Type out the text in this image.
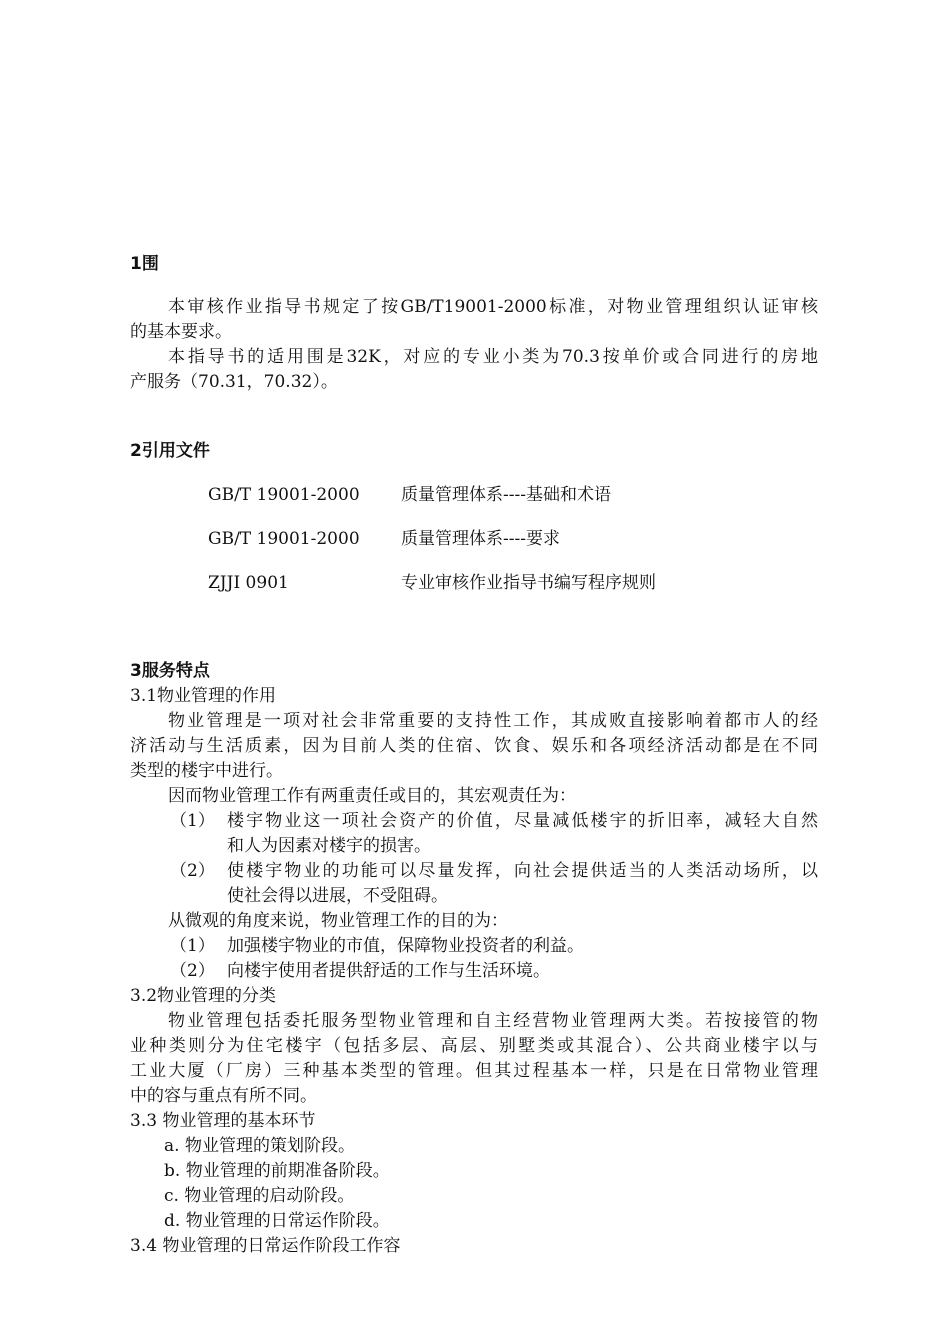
1围
本审核作业指导书规定了按GB/T19001-2000标准，对物业管理组织认证审核
的基本要求。
本指导书的适用围是32K，对应的专业小类为70.3按单价或合同进行的房地
产服务（70.31，70.32）。
2引用文件
GB/T 19001-2000 质量管理体系----基础和术语
GB/T 19001-2000 质量管理体系----要求
ZJJI 0901	专业审核作业指导书编写程序规则
3服务特点
3.1物业管理的作用
物业管理是一项对社会非常重要的支持性工作，其成败直接影响着都市人的经
济活动与生活质素，因为目前人类的住宿、饮食、娱乐和各项经济活动都是在不同
类型的楼宇中进行。
因而物业管理工作有两重责任或目的，其宏观责任为：
（1） 楼宇物业这一项社会资产的价值，尽量减低楼宇的折旧率，减轻大自然
和人为因素对楼宇的损害。
（2） 使楼宇物业的功能可以尽量发挥，向社会提供适当的人类活动场所，以
使社会得以进展，不受阻碍。
从微观的角度来说，物业管理工作的目的为：
（1） 加强楼宇物业的市值，保障物业投资者的利益。
（2） 向楼宇使用者提供舒适的工作与生活环境。
3.2物业管理的分类
物业管理包括委托服务型物业管理和自主经营物业管理两大类。若按接管的物
业种类则分为住宅楼宇（包括多层、高层、别墅类或其混合）、公共商业楼宇以与
工业大厦（厂房）三种基本类型的管理。但其过程基本一样，只是在日常物业管理
中的容与重点有所不同。
3.3 物业管理的基本环节
a. 物业管理的策划阶段。
b. 物业管理的前期准备阶段。
c. 物业管理的启动阶段。
d. 物业管理的日常运作阶段。
3.4 物业管理的日常运作阶段工作容
